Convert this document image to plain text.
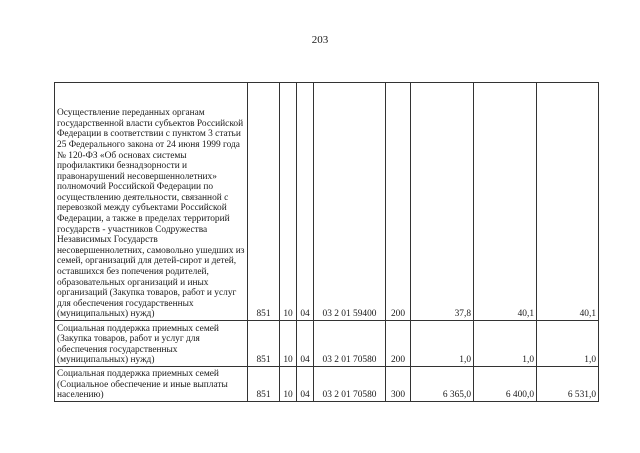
203
Осуществление переданных органам государственной власти субъектов Российской Федерации в соответствии с пунктом 3 статьи 25 Федерального закона от 24 июня 1999 года № 120-ФЗ «Об основах системы профилактики безнадзорности и правонарушений несовершеннолетних» полномочий Российской Федерации по осуществлению деятельности, связанной с перевозкой между субъектами Российской Федерации, а также в пределах территорий государств - участников Содружества Независимых Государств несовершеннолетних, самовольно ушедших из семей, организаций для детей-сирот и детей, оставшихся без попечения родителей, образовательных организаций и иных организаций (Закупка товаров, работ и услуг для обеспечения государственных (муниципальных) нужд)	851	10	04	03 2 01 59400	200	37,8	40,1	40,1
Социальная поддержка приемных семей (Закупка товаров, работ и услуг для обеспечения государственных (муниципальных) нужд)	851	10	04	03 2 01 70580	200	1,0	1,0	1,0
Социальная поддержка приемных семей (Социальное обеспечение и иные выплаты населению)	851	10	04	03 2 01 70580	300	6 365,0	6 400,0	6 531,0
